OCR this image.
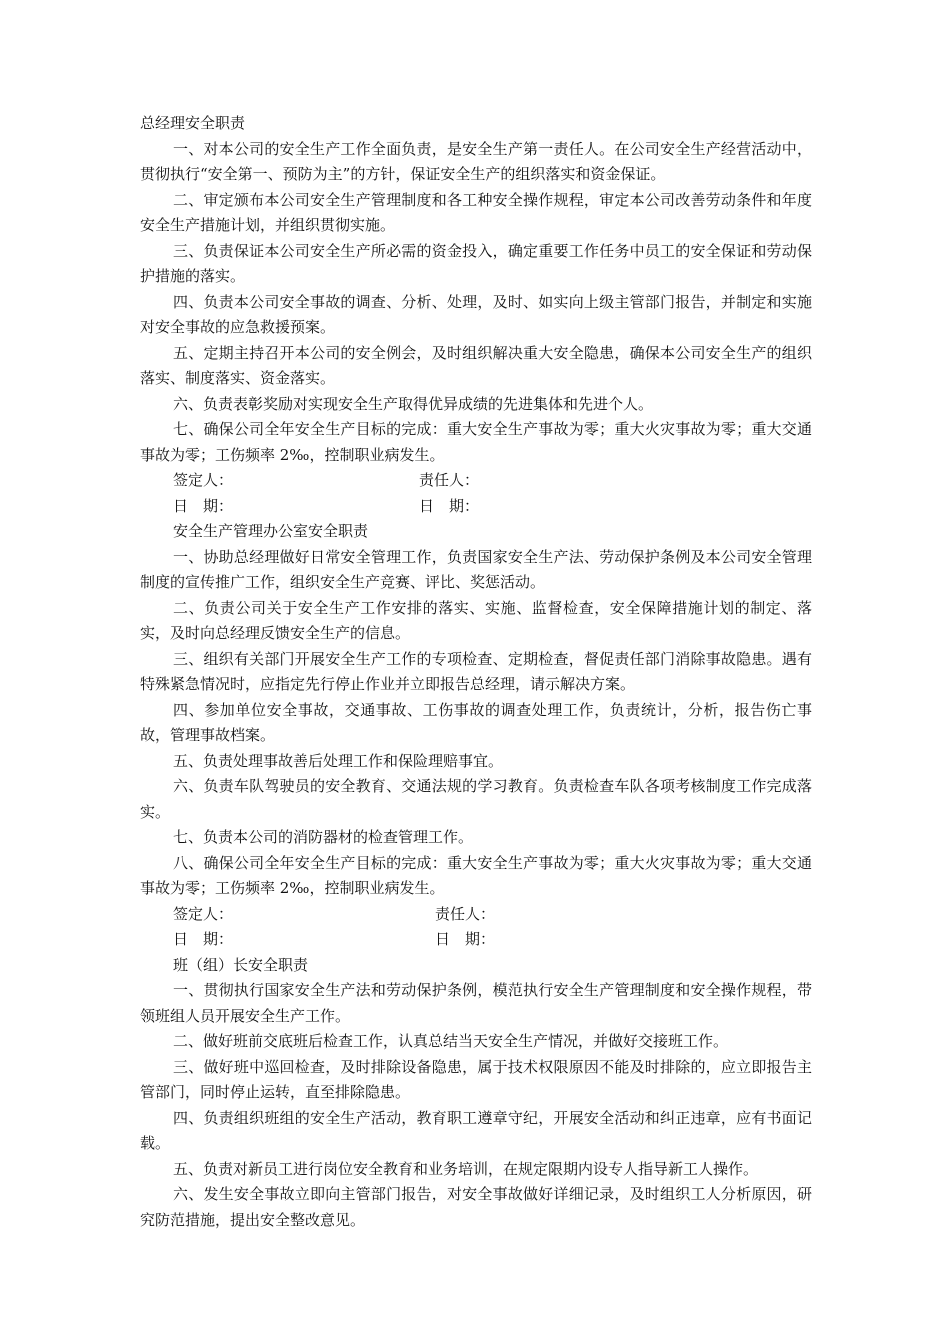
总经理安全职责

一、对本公司的安全生产工作全面负责，是安全生产第一责任人。在公司安全生产经营活动中，贯彻执行“安全第一、预防为主”的方针，保证安全生产的组织落实和资金保证。

二、审定颁布本公司安全生产管理制度和各工种安全操作规程，审定本公司改善劳动条件和年度安全生产措施计划，并组织贯彻实施。

三、负责保证本公司安全生产所必需的资金投入，确定重要工作任务中员工的安全保证和劳动保护措施的落实。

四、负责本公司安全事故的调查、分析、处理，及时、如实向上级主管部门报告，并制定和实施对安全事故的应急救援预案。

五、定期主持召开本公司的安全例会，及时组织解决重大安全隐患，确保本公司安全生产的组织落实、制度落实、资金落实。

六、负责表彰奖励对实现安全生产取得优异成绩的先进集体和先进个人。

七、确保公司全年安全生产目标的完成：重大安全生产事故为零；重大火灾事故为零；重大交通事故为零；工伤频率 2‰，控制职业病发生。

签定人：	责任人：
日　期：	日　期：

安全生产管理办公室安全职责

一、协助总经理做好日常安全管理工作，负责国家安全生产法、劳动保护条例及本公司安全管理制度的宣传推广工作，组织安全生产竞赛、评比、奖惩活动。

二、负责公司关于安全生产工作安排的落实、实施、监督检查，安全保障措施计划的制定、落实，及时向总经理反馈安全生产的信息。

三、组织有关部门开展安全生产工作的专项检查、定期检查，督促责任部门消除事故隐患。遇有特殊紧急情况时，应指定先行停止作业并立即报告总经理，请示解决方案。

四、参加单位安全事故，交通事故、工伤事故的调查处理工作，负责统计，分析，报告伤亡事故，管理事故档案。

五、负责处理事故善后处理工作和保险理赔事宜。

六、负责车队驾驶员的安全教育、交通法规的学习教育。负责检查车队各项考核制度工作完成落实。

七、负责本公司的消防器材的检查管理工作。

八、确保公司全年安全生产目标的完成：重大安全生产事故为零；重大火灾事故为零；重大交通事故为零；工伤频率 2‰，控制职业病发生。

签定人：	责任人：
日　期：	日　期：

班（组）长安全职责

一、贯彻执行国家安全生产法和劳动保护条例，模范执行安全生产管理制度和安全操作规程，带领班组人员开展安全生产工作。

二、做好班前交底班后检查工作，认真总结当天安全生产情况，并做好交接班工作。

三、做好班中巡回检查，及时排除设备隐患，属于技术权限原因不能及时排除的，应立即报告主管部门，同时停止运转，直至排除隐患。

四、负责组织班组的安全生产活动，教育职工遵章守纪，开展安全活动和纠正违章，应有书面记载。

五、负责对新员工进行岗位安全教育和业务培训，在规定限期内设专人指导新工人操作。

六、发生安全事故立即向主管部门报告，对安全事故做好详细记录，及时组织工人分析原因，研究防范措施，提出安全整改意见。
